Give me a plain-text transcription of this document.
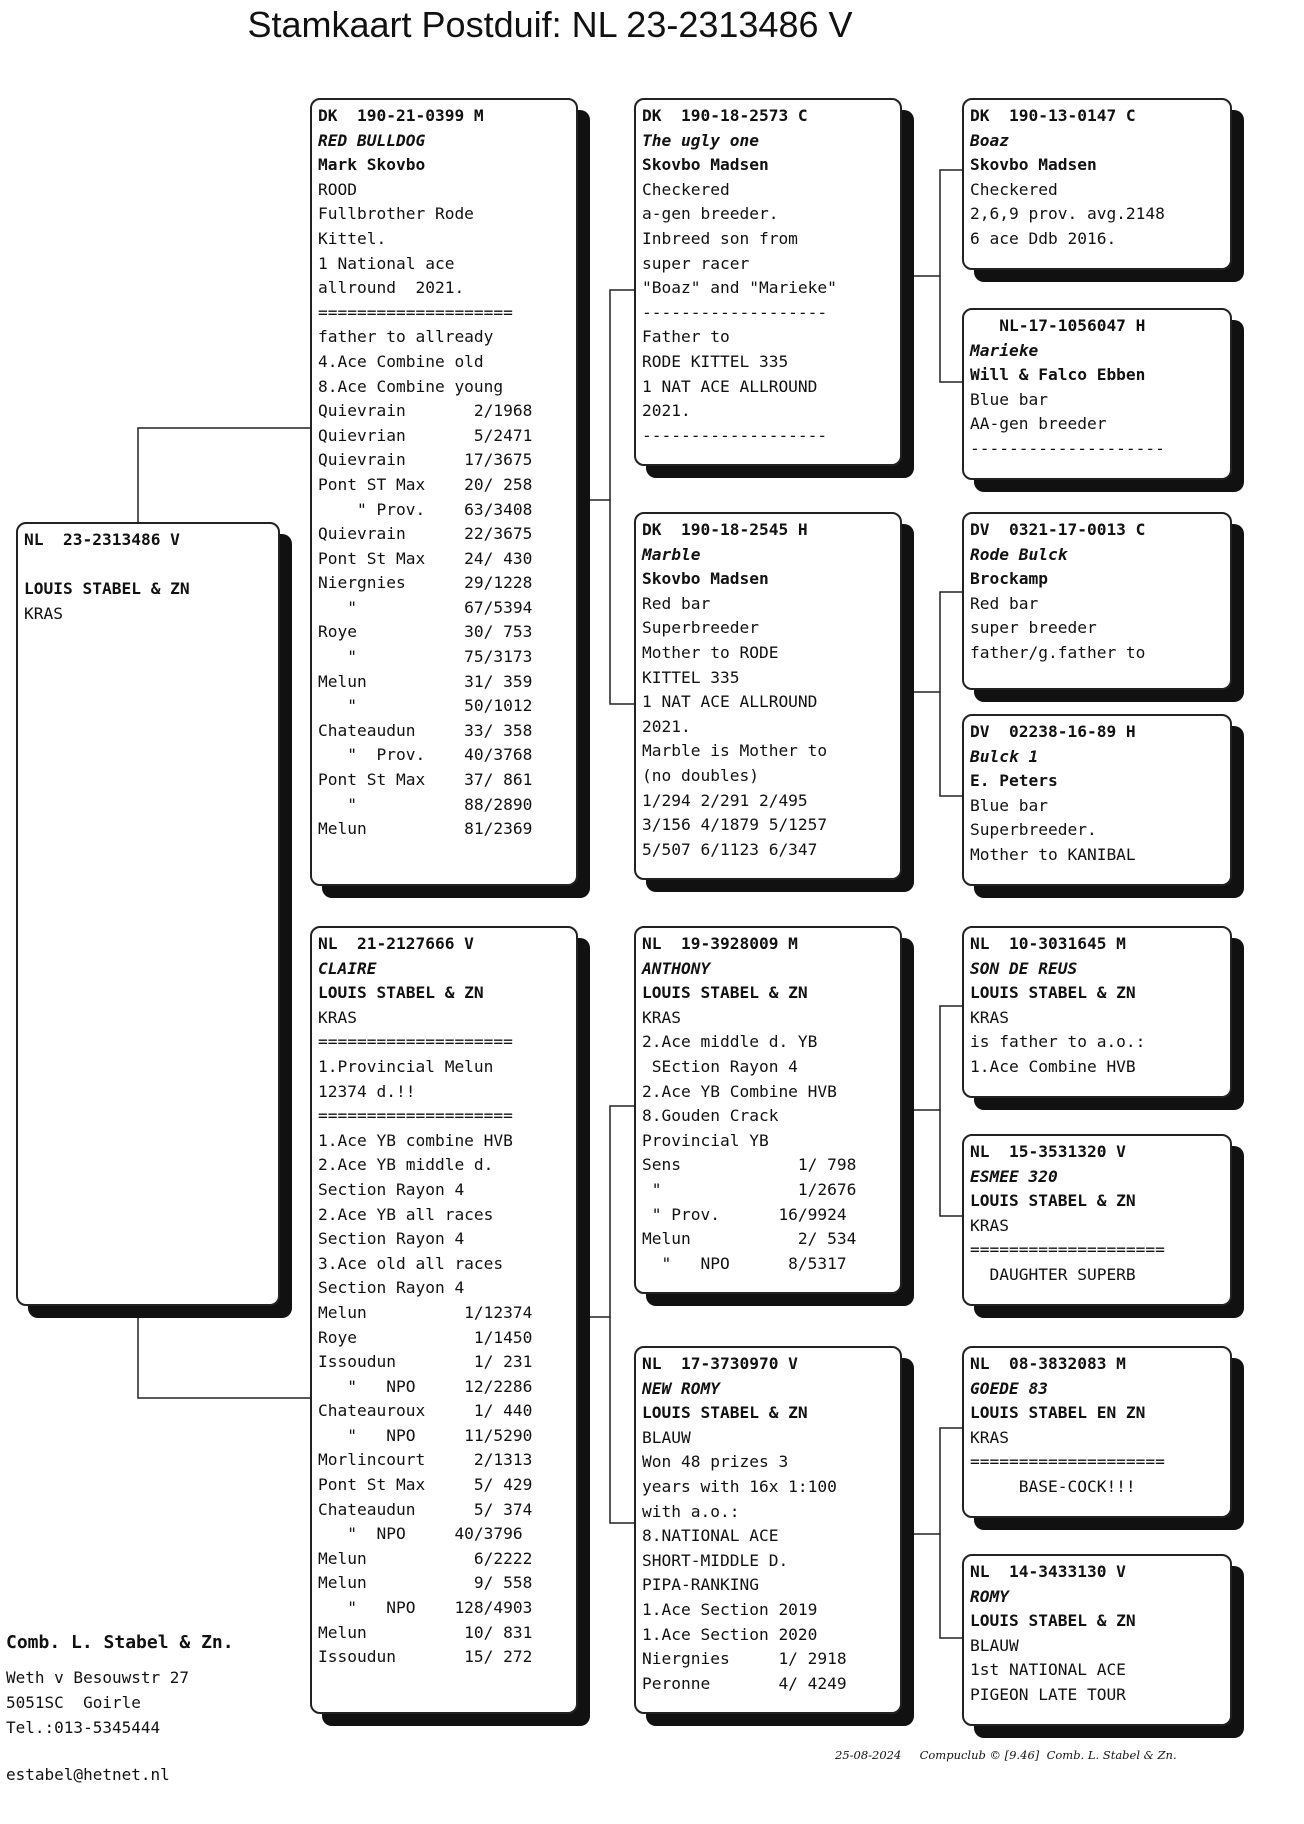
Stamkaart Postduif: NL 23-2313486 V
NL  23-2313486 V
LOUIS STABEL & ZN
KRAS
DK  190-21-0399 M
RED BULLDOG
Mark Skovbo
ROOD
Fullbrother Rode
Kittel.
1 National ace
allround  2021.
====================
father to allready
4.Ace Combine old
8.Ace Combine young
Quievrain       2/1968
Quievrian       5/2471
Quievrain      17/3675
Pont ST Max    20/ 258
" Prov.    63/3408
Quievrain      22/3675
Pont St Max    24/ 430
Niergnies      29/1228
"           67/5394
Roye           30/ 753
"           75/3173
Melun          31/ 359
"           50/1012
Chateaudun     33/ 358
"  Prov.    40/3768
Pont St Max    37/ 861
"           88/2890
Melun          81/2369
NL  21-2127666 V
CLAIRE
LOUIS STABEL & ZN
KRAS
====================
1.Provincial Melun
12374 d.!!
====================
1.Ace YB combine HVB
2.Ace YB middle d.
Section Rayon 4
2.Ace YB all races
Section Rayon 4
3.Ace old all races
Section Rayon 4
Melun          1/12374
Roye            1/1450
Issoudun        1/ 231
"   NPO     12/2286
Chateauroux     1/ 440
"   NPO     11/5290
Morlincourt     2/1313
Pont St Max     5/ 429
Chateaudun      5/ 374
"  NPO     40/3796
Melun           6/2222
Melun           9/ 558
"   NPO    128/4903
Melun          10/ 831
Issoudun       15/ 272
DK  190-18-2573 C
The ugly one
Skovbo Madsen
Checkered
a-gen breeder.
Inbreed son from
super racer
"Boaz" and "Marieke"
-------------------
Father to
RODE KITTEL 335
1 NAT ACE ALLROUND
2021.
-------------------
DK  190-18-2545 H
Marble
Skovbo Madsen
Red bar
Superbreeder
Mother to RODE
KITTEL 335
1 NAT ACE ALLROUND
2021.
Marble is Mother to
(no doubles)
1/294 2/291 2/495
3/156 4/1879 5/1257
5/507 6/1123 6/347
NL  19-3928009 M
ANTHONY
LOUIS STABEL & ZN
KRAS
2.Ace middle d. YB
SEction Rayon 4
2.Ace YB Combine HVB
8.Gouden Crack
Provincial YB
Sens            1/ 798
"              1/2676
" Prov.      16/9924
Melun           2/ 534
"   NPO      8/5317
NL  17-3730970 V
NEW ROMY
LOUIS STABEL & ZN
BLAUW
Won 48 prizes 3
years with 16x 1:100
with a.o.:
8.NATIONAL ACE
SHORT-MIDDLE D.
PIPA-RANKING
1.Ace Section 2019
1.Ace Section 2020
Niergnies     1/ 2918
Peronne       4/ 4249
DK  190-13-0147 C
Boaz
Skovbo Madsen
Checkered
2,6,9 prov. avg.2148
6 ace Ddb 2016.
NL-17-1056047 H
Marieke
Will & Falco Ebben
Blue bar
AA-gen breeder
--------------------
DV  0321-17-0013 C
Rode Bulck
Brockamp
Red bar
super breeder
father/g.father to
DV  02238-16-89 H
Bulck 1
E. Peters
Blue bar
Superbreeder.
Mother to KANIBAL
NL  10-3031645 M
SON DE REUS
LOUIS STABEL & ZN
KRAS
is father to a.o.:
1.Ace Combine HVB
NL  15-3531320 V
ESMEE 320
LOUIS STABEL & ZN
KRAS
====================
DAUGHTER SUPERB
NL  08-3832083 M
GOEDE 83
LOUIS STABEL EN ZN
KRAS
====================
BASE-COCK!!!
NL  14-3433130 V
ROMY
LOUIS STABEL & ZN
BLAUW
1st NATIONAL ACE
PIGEON LATE TOUR

Comb. L. Stabel & Zn.
Weth v Besouwstr 27
5051SC  Goirle
Tel.:013-5345444

estabel@hetnet.nl

25-08-2024     Compuclub © [9.46]  Comb. L. Stabel & Zn.
